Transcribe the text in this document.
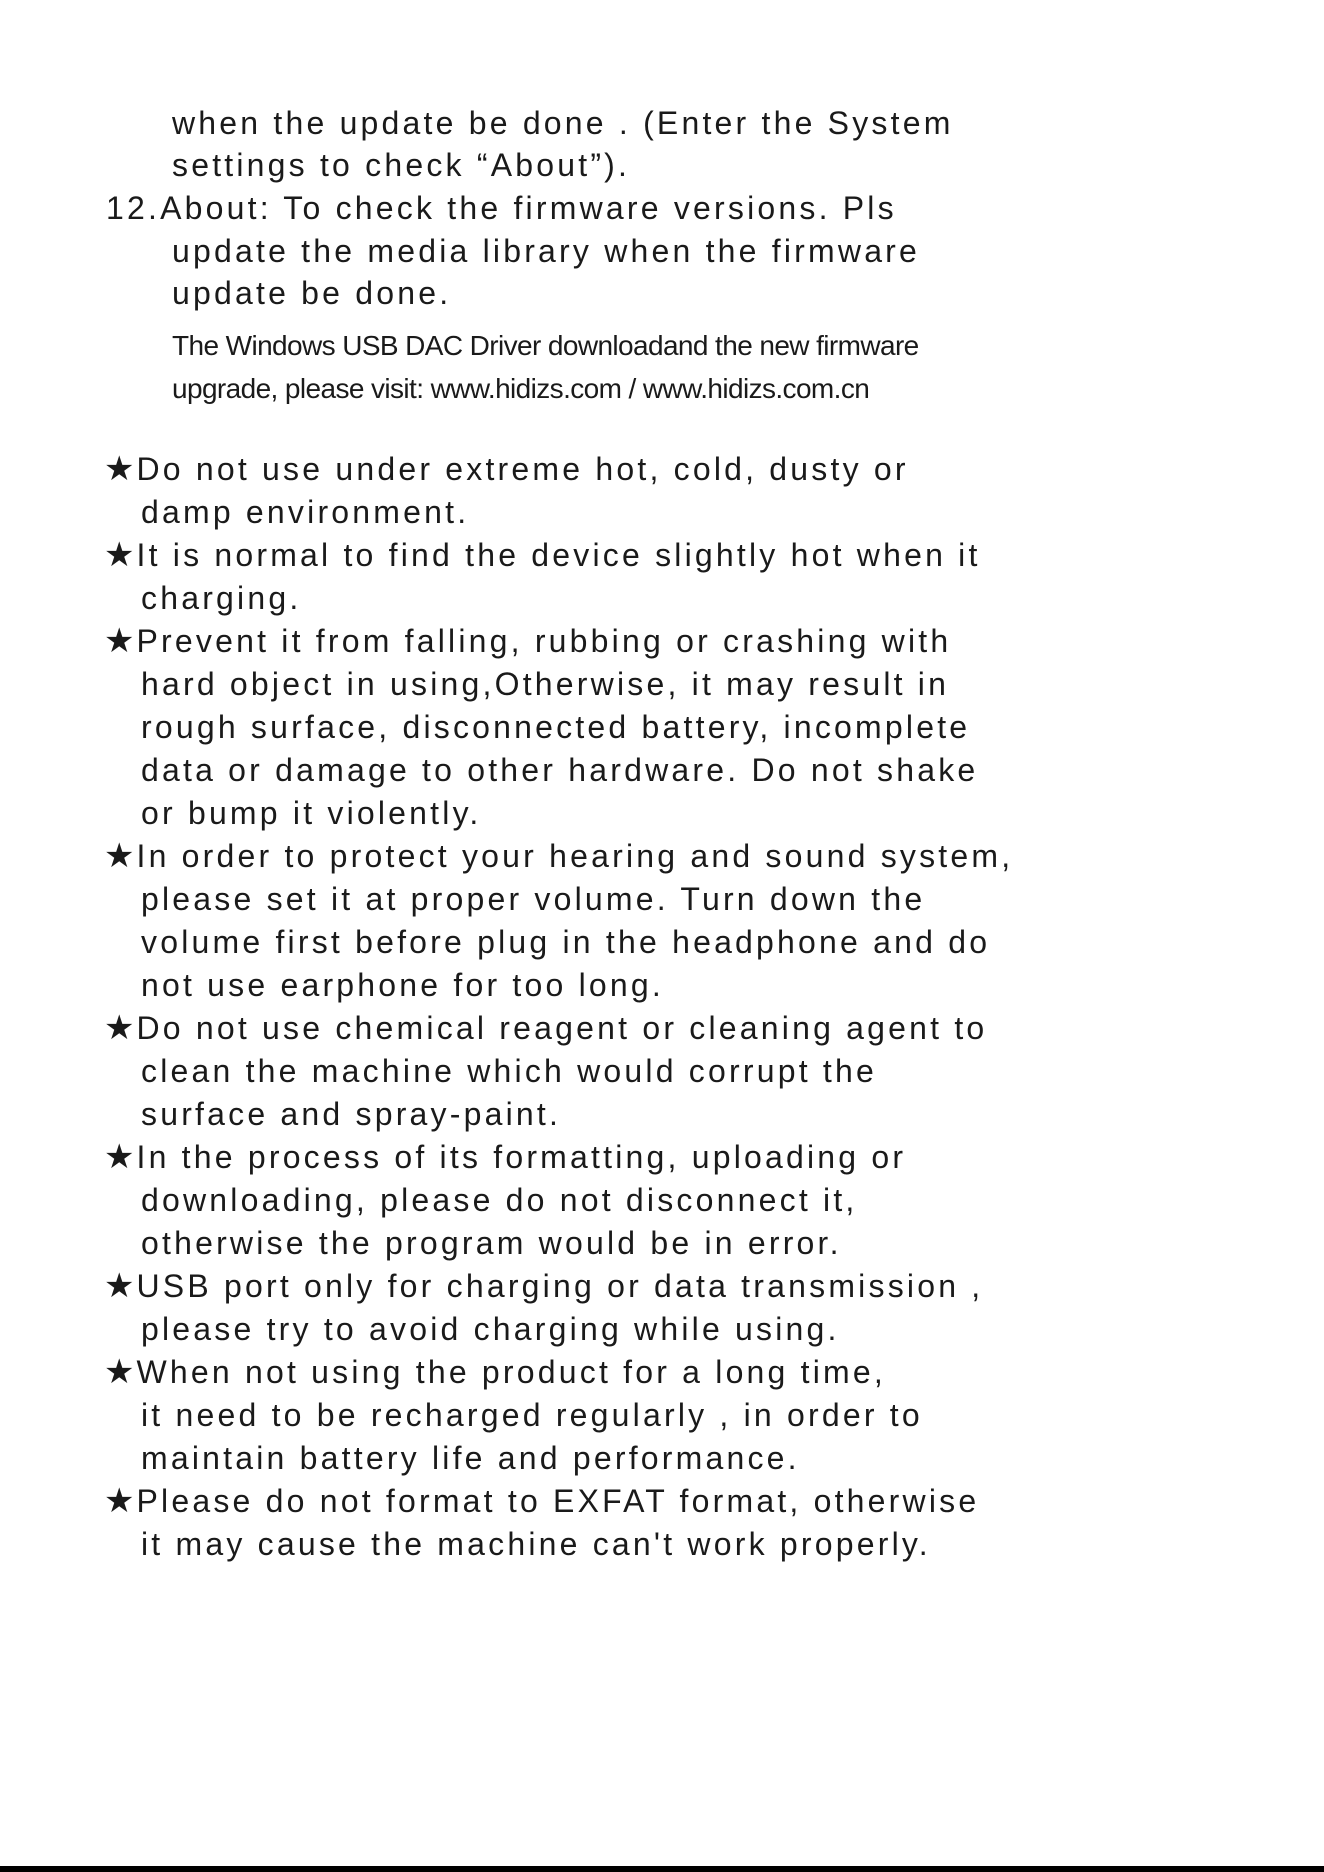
when the update be done . (Enter the System
settings to check “About”).
12.About: To check the firmware versions. Pls
update the media library when the firmware
update be done.
The Windows USB DAC Driver downloadand the new firmware
upgrade, please visit: www.hidizs.com / www.hidizs.com.cn
★Do not use under extreme hot, cold, dusty or
damp environment.
★It is normal to find the device slightly hot when it
charging.
★Prevent it from falling, rubbing or crashing with
hard object in using,Otherwise, it may result in
rough surface, disconnected battery, incomplete
data or damage to other hardware. Do not shake
or bump it violently.
★In order to protect your hearing and sound system,
please set it at proper volume. Turn down the
volume first before plug in the headphone and do
not use earphone for too long.
★Do not use chemical reagent or cleaning agent to
clean the machine which would corrupt the
surface and spray-paint.
★In the process of its formatting, uploading or
downloading, please do not disconnect it,
otherwise the program would be in error.
★USB port only for charging or data transmission ,
please try to avoid charging while using.
★When not using the product for a long time,
it need to be recharged regularly , in order to
maintain battery life and performance.
★Please do not format to EXFAT format, otherwise
it may cause the machine can't work properly.
